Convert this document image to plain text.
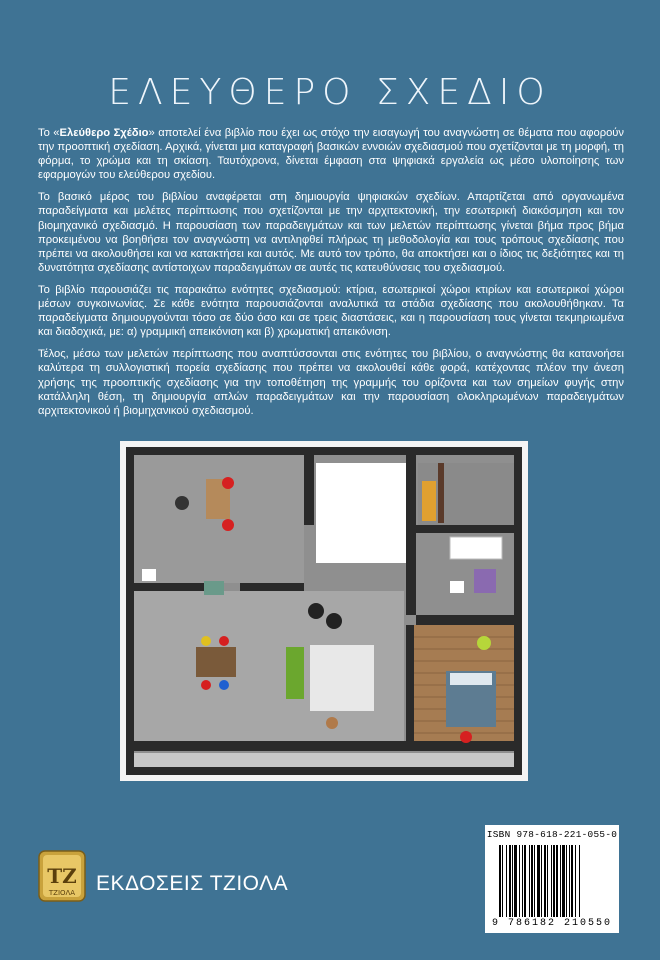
ΕΛΕΥΘΕΡΟ ΣΧΕΔΙΟ

Το «Ελεύθερο Σχέδιο» αποτελεί ένα βιβλίο που έχει ως στόχο την εισαγωγή του αναγνώστη σε θέματα που αφορούν την προοπτική σχεδίαση. Αρχικά, γίνεται μια καταγραφή βασικών εννοιών σχεδιασμού που σχετίζονται με τη μορφή, τη φόρμα, το χρώμα και τη σκίαση. Ταυτόχρονα, δίνεται έμφαση στα ψηφιακά εργαλεία ως μέσο υλοποίησης των εφαρμογών του ελεύθερου σχεδίου.

Το βασικό μέρος του βιβλίου αναφέρεται στη δημιουργία ψηφιακών σχεδίων. Απαρτίζεται από οργανωμένα παραδείγματα και μελέτες περίπτωσης που σχετίζονται με την αρχιτεκτονική, την εσωτερική διακόσμηση και τον βιομηχανικό σχεδιασμό. Η παρουσίαση των παραδειγμάτων και των μελετών περίπτωσης γίνεται βήμα προς βήμα προκειμένου να βοηθήσει τον αναγνώστη να αντιληφθεί πλήρως τη μεθοδολογία και τους τρόπους σχεδίασης που πρέπει να ακολουθήσει και να κατακτήσει και αυτός. Με αυτό τον τρόπο, θα αποκτήσει και ο ίδιος τις δεξιότητες και τη δυνατότητα σχεδίασης αντίστοιχων παραδειγμάτων σε αυτές τις κατευθύνσεις του σχεδιασμού.

Το βιβλίο παρουσιάζει τις παρακάτω ενότητες σχεδιασμού: κτίρια, εσωτερικοί χώροι κτιρίων και εσωτερικοί χώροι μέσων συγκοινωνίας. Σε κάθε ενότητα παρουσιάζονται αναλυτικά τα στάδια σχεδίασης που ακολουθήθηκαν. Τα παραδείγματα δημιουργούνται τόσο σε δύο όσο και σε τρεις διαστάσεις, και η παρουσίαση τους γίνεται τεκμηριωμένα και διαδοχικά, με: α) γραμμική απεικόνιση και β) χρωματική απεικόνιση.

Τέλος, μέσω των μελετών περίπτωσης που αναπτύσσονται στις ενότητες του βιβλίου, ο αναγνώστης θα κατανοήσει καλύτερα τη συλλογιστική πορεία σχεδίασης που πρέπει να ακολουθεί κάθε φορά, κατέχοντας πλέον την άνεση χρήσης της προοπτικής σχεδίασης για την τοποθέτηση της γραμμής του ορίζοντα και των σημείων φυγής στην κατάλληλη θέση, τη δημιουργία απλών παραδειγμάτων και την παρουσίαση ολοκληρωμένων παραδειγμάτων αρχιτεκτονικού ή βιομηχανικού σχεδιασμού.

ISBN 978-618-221-055-0
9 786182 210550
ΤΖ
ΤΖΙΟΛΑ ΕΚΔΟΣΕΙΣ ΤΖΙΟΛΑ
